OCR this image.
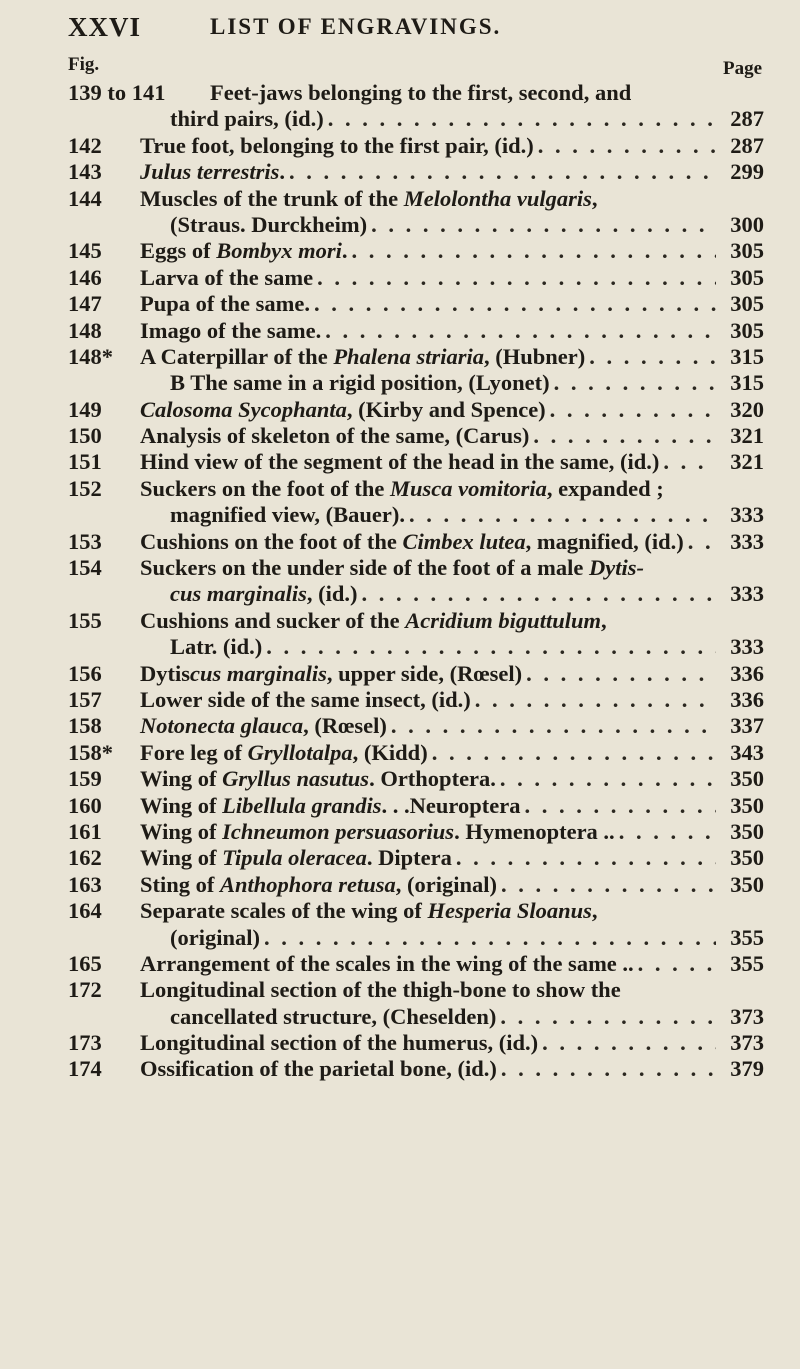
XXVI	LIST OF ENGRAVINGS.
Fig.	Page
139 to 141 Feet-jaws belonging to the first, second, and
third pairs, (id.) . . .	287
142 True foot, belonging to the first pair, (id.) . . .	287
143 Julus terrestris. . . .	299
144 Muscles of the trunk of the Melolontha vulgaris,
(Straus. Durckheim) . . .	300
145 Eggs of Bombyx mori. . . .	305
146 Larva of the same . . .	305
147 Pupa of the same. . . .	305
148 Imago of the same. . . .	305
148* A Caterpillar of the Phalena striaria, (Hubner) . . .	315
B The same in a rigid position, (Lyonet) . . .	315
149 Calosoma Sycophanta, (Kirby and Spence) . . .	320
150 Analysis of skeleton of the same, (Carus) . . .	321
151 Hind view of the segment of the head in the same, (id.) . . .	321
152 Suckers on the foot of the Musca vomitoria, expanded ;
magnified view, (Bauer). . . .	333
153 Cushions on the foot of the Cimbex lutea, magnified, (id.) . . . 333
154 Suckers on the under side of the foot of a male Dytis-
cus marginalis, (id.) . . .	333
155 Cushions and sucker of the Acridium biguttulum,
Latr. (id.) . . .	333
156 Dytiscus marginalis, upper side, (Rœsel) . . .	336
157 Lower side of the same insect, (id.) . . .	336
158 Notonecta glauca, (Rœsel) . . .	337
158* Fore leg of Gryllotalpa, (Kidd) . . .	343
159 Wing of Gryllus nasutus. Orthoptera. . . .	350
160 Wing of Libellula grandis. . .Neuroptera . . .	350
161 Wing of Ichneumon persuasorius. Hymenoptera .. . . .	350
162 Wing of Tipula oleracea. Diptera . . .	350
163 Sting of Anthophora retusa, (original) . . .	350
164 Separate scales of the wing of Hesperia Sloanus,
(original) . . .	355
165 Arrangement of the scales in the wing of the same .. . . .	355
172 Longitudinal section of the thigh-bone to show the
cancellated structure, (Cheselden) . . .	373
173 Longitudinal section of the humerus, (id.) . . .	373
174 Ossification of the parietal bone, (id.) . . .	379
